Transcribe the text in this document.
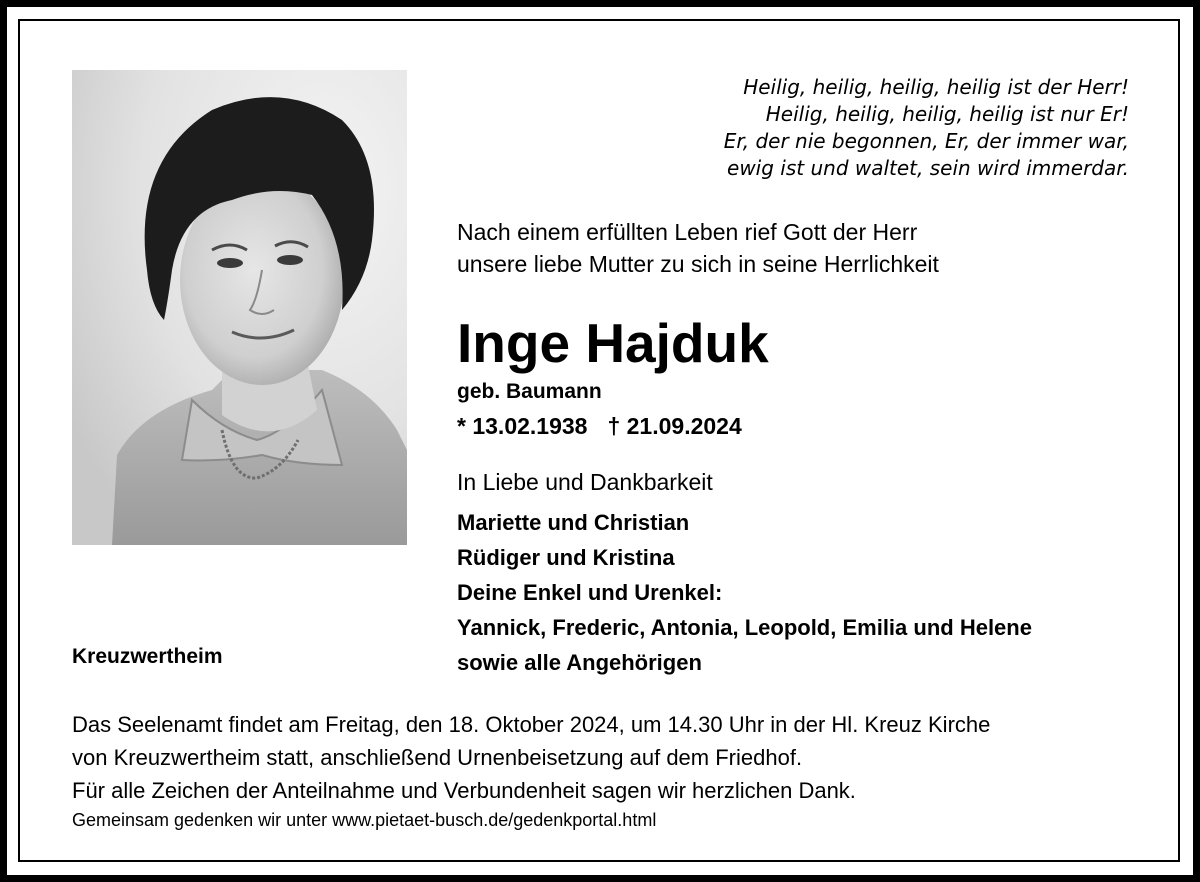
Heilig, heilig, heilig, heilig ist der Herr!
Heilig, heilig, heilig, heilig ist nur Er!
Er, der nie begonnen, Er, der immer war,
ewig ist und waltet, sein wird immerdar.
Nach einem erfüllten Leben rief Gott der Herr
unsere liebe Mutter zu sich in seine Herrlichkeit
Inge Hajduk
geb. Baumann
* 13.02.1938 † 21.09.2024
In Liebe und Dankbarkeit
Mariette und Christian
Rüdiger und Kristina
Deine Enkel und Urenkel:
Yannick, Frederic, Antonia, Leopold, Emilia und Helene
sowie alle Angehörigen
Kreuzwertheim
Das Seelenamt findet am Freitag, den 18. Oktober 2024, um 14.30 Uhr in der Hl. Kreuz Kirche
von Kreuzwertheim statt, anschließend Urnenbeisetzung auf dem Friedhof.
Für alle Zeichen der Anteilnahme und Verbundenheit sagen wir herzlichen Dank.
Gemeinsam gedenken wir unter www.pietaet-busch.de/gedenkportal.html
